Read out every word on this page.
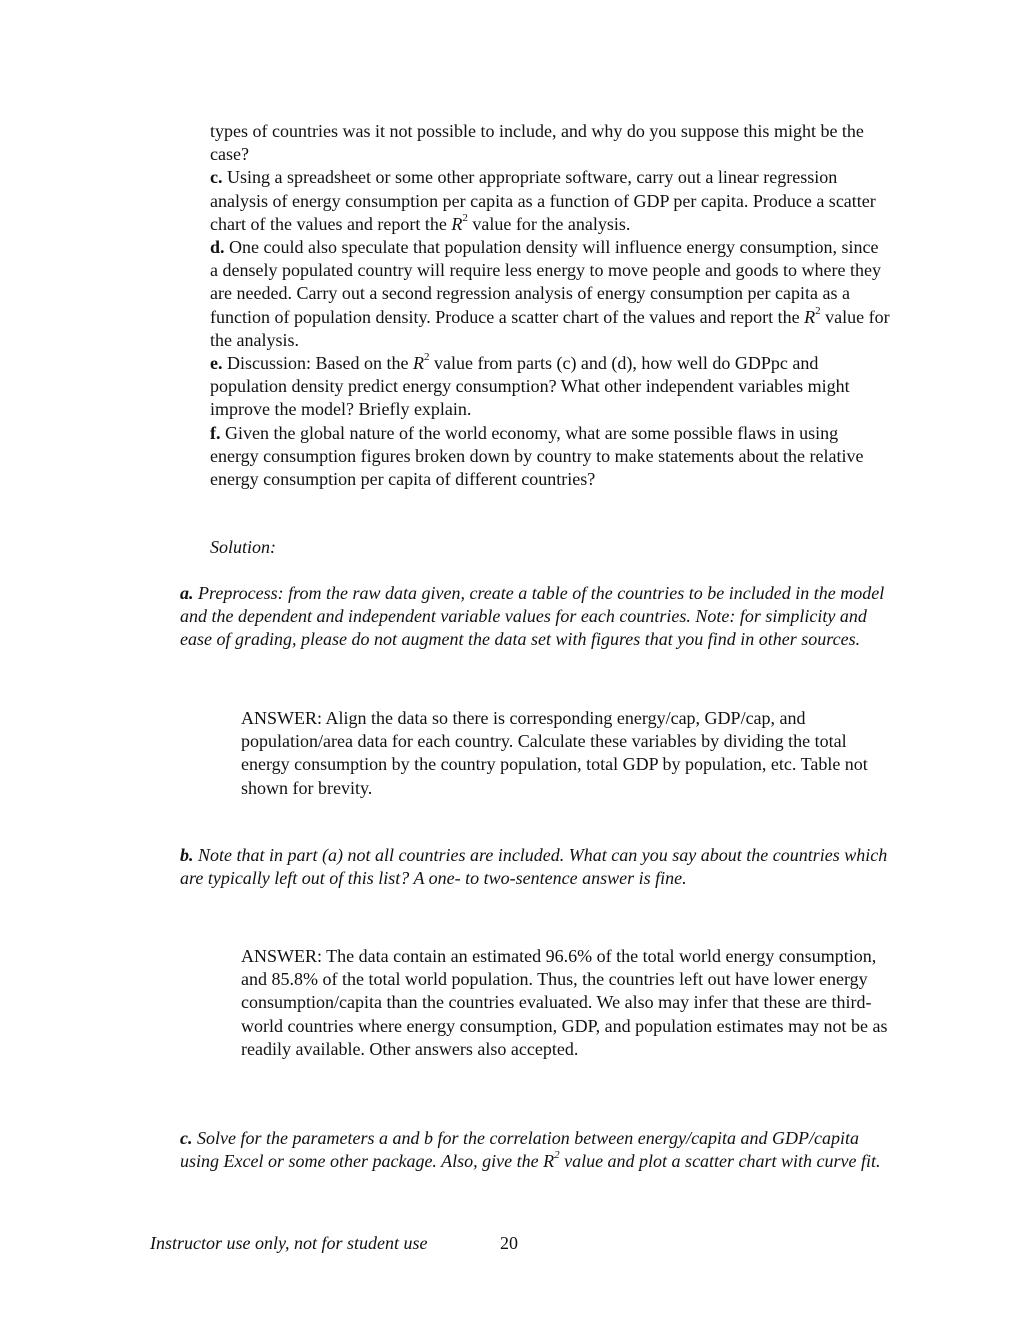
types of countries was it not possible to include, and why do you suppose this might be the case?

c. Using a spreadsheet or some other appropriate software, carry out a linear regression analysis of energy consumption per capita as a function of GDP per capita. Produce a scatter chart of the values and report the $R^2$ value for the analysis.

d. One could also speculate that population density will influence energy consumption, since a densely populated country will require less energy to move people and goods to where they are needed. Carry out a second regression analysis of energy consumption per capita as a function of population density. Produce a scatter chart of the values and report the $R^2$ value for the analysis.

e. Discussion: Based on the $R^2$ value from parts (c) and (d), how well do GDPpc and population density predict energy consumption? What other independent variables might improve the model? Briefly explain.

f. Given the global nature of the world economy, what are some possible flaws in using energy consumption figures broken down by country to make statements about the relative energy consumption per capita of different countries?

Solution:

a. Preprocess: from the raw data given, create a table of the countries to be included in the model and the dependent and independent variable values for each countries. Note: for simplicity and ease of grading, please do not augment the data set with figures that you find in other sources.

ANSWER: Align the data so there is corresponding energy/cap, GDP/cap, and population/area data for each country. Calculate these variables by dividing the total energy consumption by the country population, total GDP by population, etc. Table not shown for brevity.

b. Note that in part (a) not all countries are included. What can you say about the countries which are typically left out of this list? A one- to two-sentence answer is fine.

ANSWER: The data contain an estimated 96.6% of the total world energy consumption, and 85.8% of the total world population. Thus, the countries left out have lower energy consumption/capita than the countries evaluated. We also may infer that these are third-world countries where energy consumption, GDP, and population estimates may not be as readily available. Other answers also accepted.

c. Solve for the parameters a and b for the correlation between energy/capita and GDP/capita using Excel or some other package. Also, give the $R^2$ value and plot a scatter chart with curve fit.

Instructor use only, not for student use	20
